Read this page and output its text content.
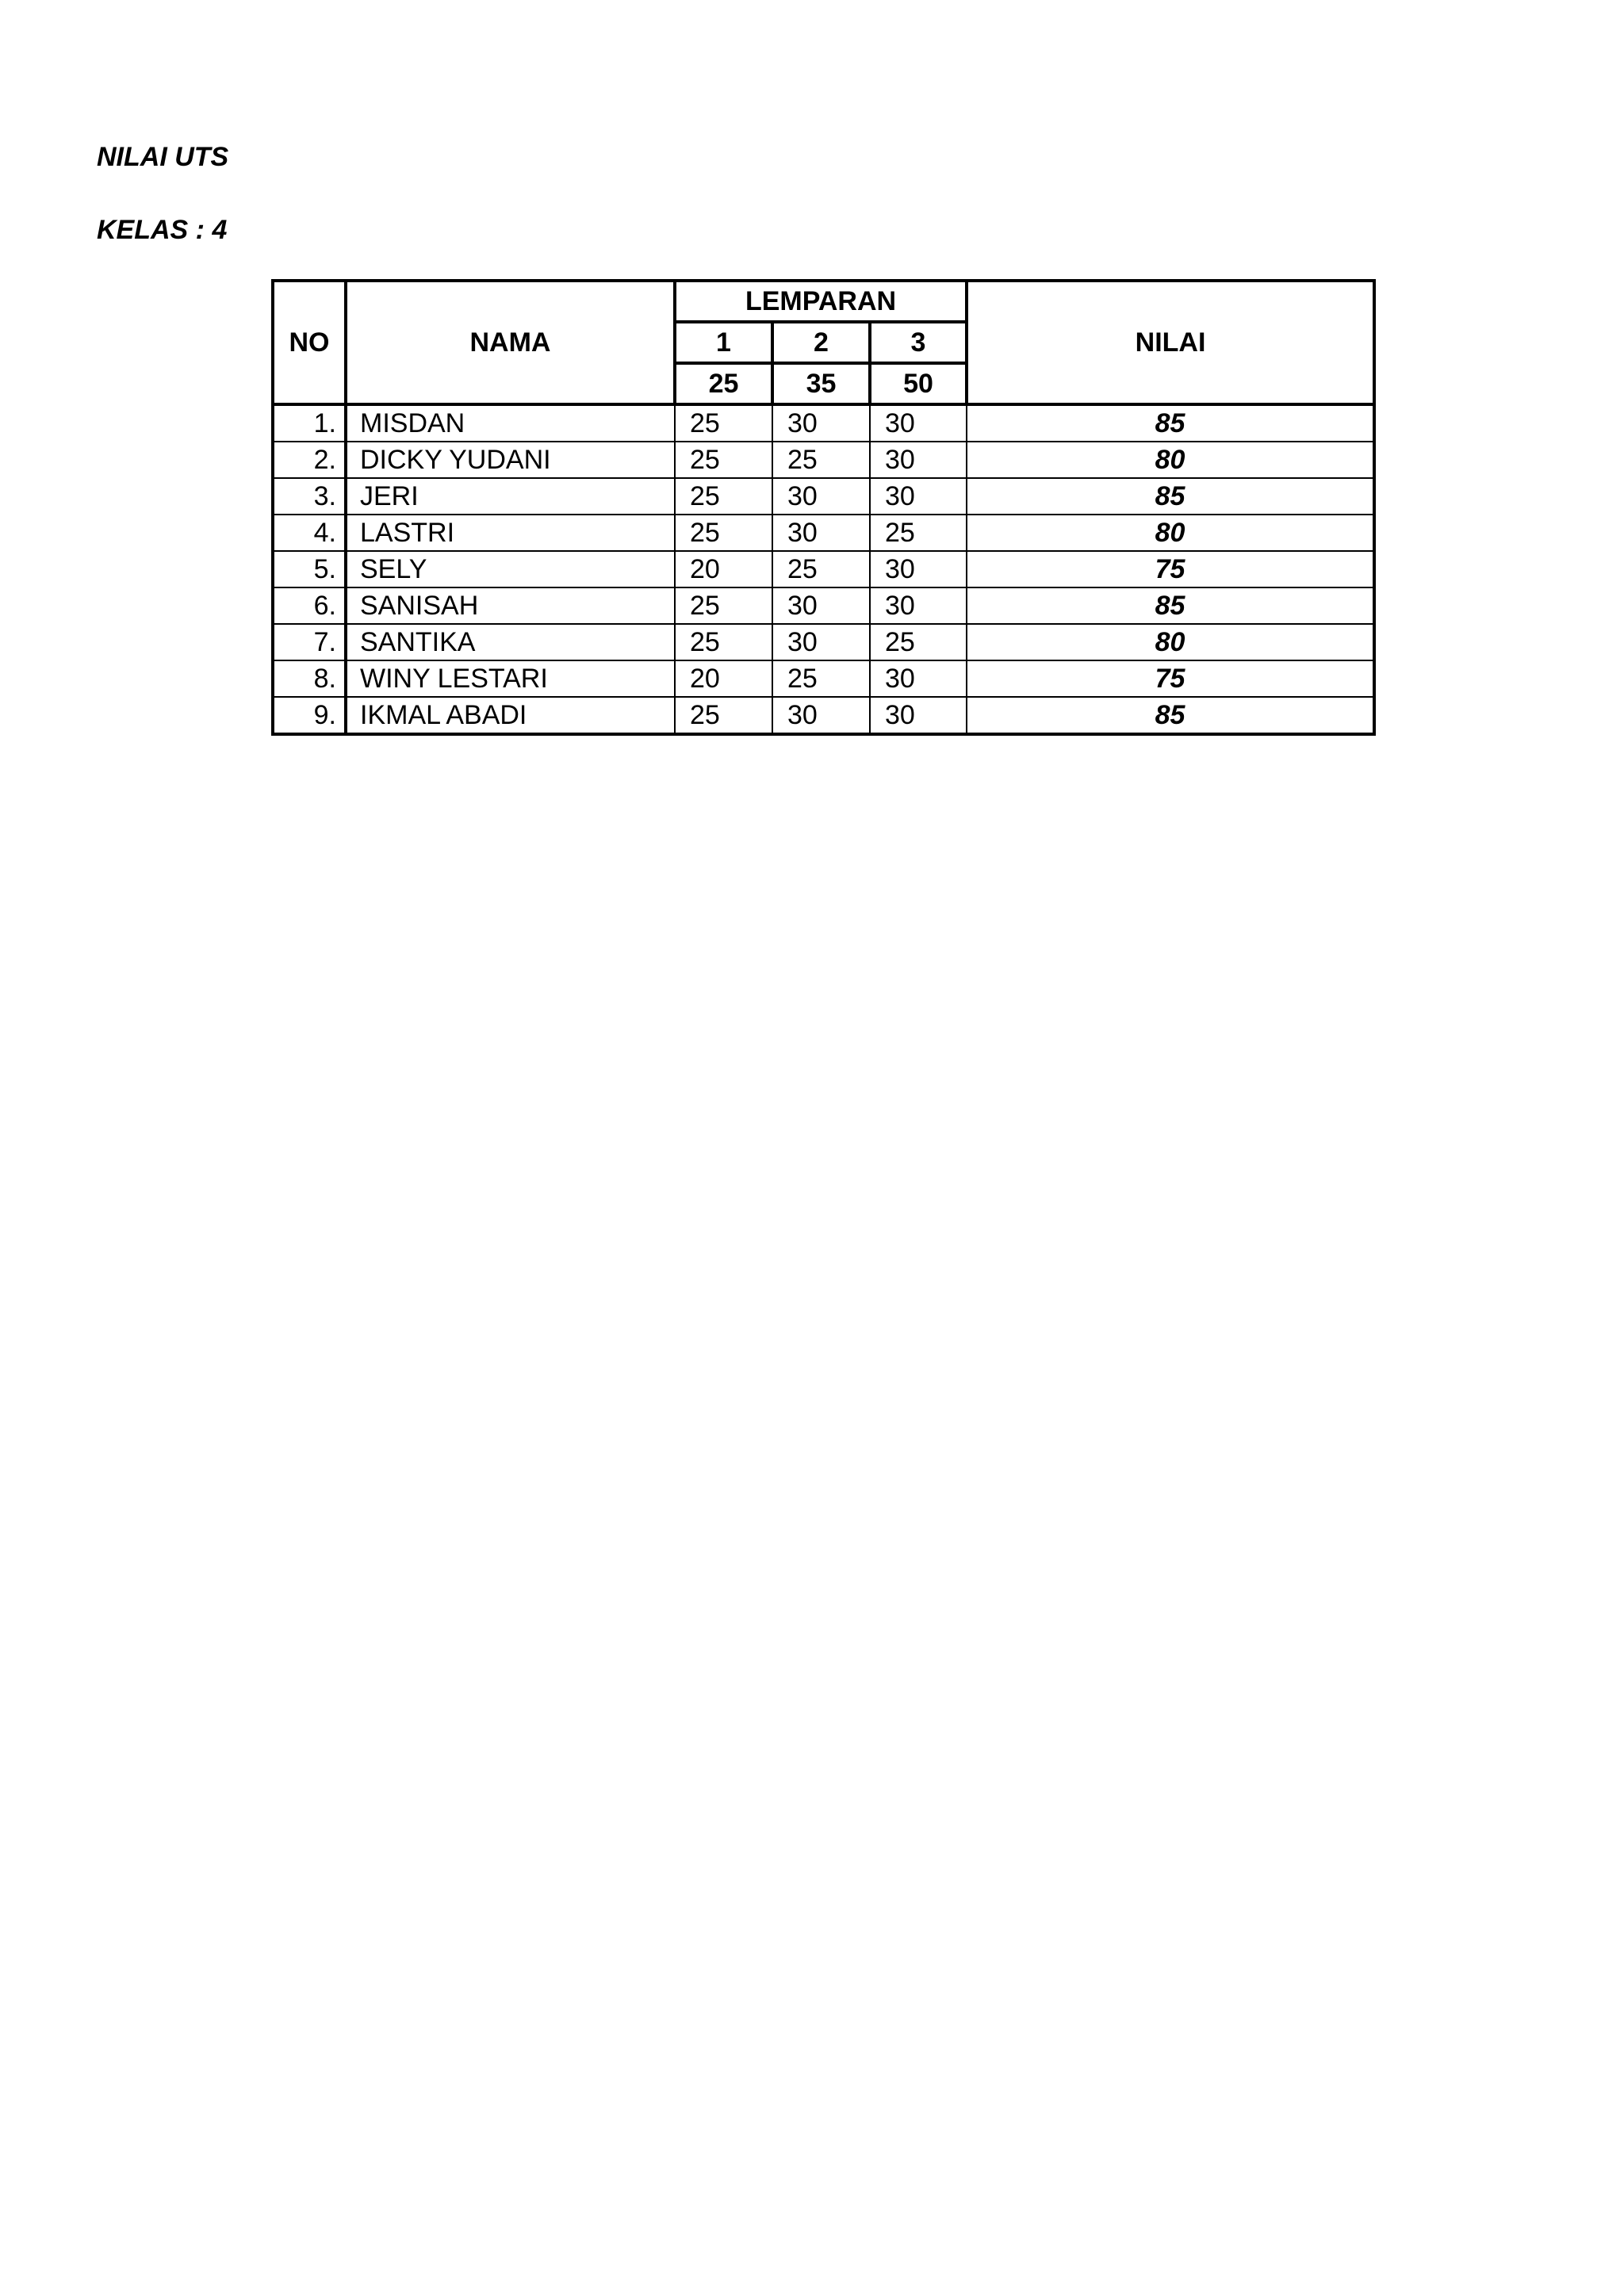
NILAI UTS
KELAS : 4
NO	NAMA	LEMPARAN			NILAI
		1	2	3	
		25	35	50	
1.	MISDAN	25	30	30	85
2.	DICKY YUDANI	25	25	30	80
3.	JERI	25	30	30	85
4.	LASTRI	25	30	25	80
5.	SELY	20	25	30	75
6.	SANISAH	25	30	30	85
7.	SANTIKA	25	30	25	80
8.	WINY LESTARI	20	25	30	75
9.	IKMAL ABADI	25	30	30	85
